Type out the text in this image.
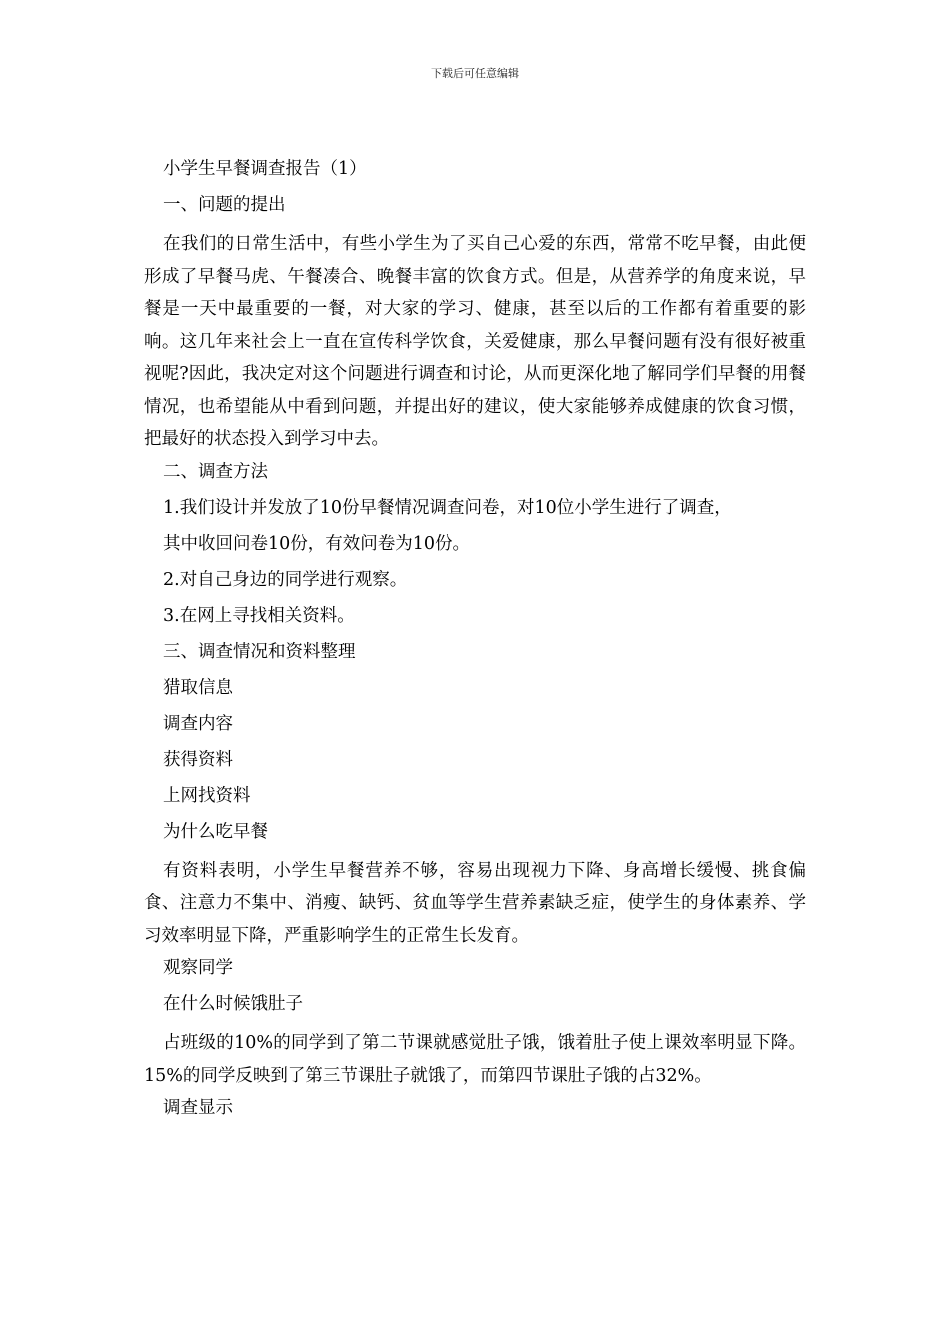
下载后可任意编辑
小学生早餐调查报告（1）
一、问题的提出
在我们的日常生活中，有些小学生为了买自己心爱的东西，常常不吃早餐，由此便形成了早餐马虎、午餐凑合、晚餐丰富的饮食方式。但是，从营养学的角度来说，早餐是一天中最重要的一餐，对大家的学习、健康，甚至以后的工作都有着重要的影响。这几年来社会上一直在宣传科学饮食，关爱健康，那么早餐问题有没有很好被重视呢?因此，我决定对这个问题进行调查和讨论，从而更深化地了解同学们早餐的用餐情况，也希望能从中看到问题，并提出好的建议，使大家能够养成健康的饮食习惯，把最好的状态投入到学习中去。
二、调查方法
1.我们设计并发放了10份早餐情况调查问卷，对10位小学生进行了调查，
其中收回问卷10份，有效问卷为10份。
2.对自己身边的同学进行观察。
3.在网上寻找相关资料。
三、调查情况和资料整理
猎取信息
调查内容
获得资料
上网找资料
为什么吃早餐
有资料表明，小学生早餐营养不够，容易出现视力下降、身高增长缓慢、挑食偏食、注意力不集中、消瘦、缺钙、贫血等学生营养素缺乏症，使学生的身体素养、学习效率明显下降，严重影响学生的正常生长发育。
观察同学
在什么时候饿肚子
占班级的10%的同学到了第二节课就感觉肚子饿，饿着肚子使上课效率明显下降。15%的同学反映到了第三节课肚子就饿了，而第四节课肚子饿的占32%。
调查显示
